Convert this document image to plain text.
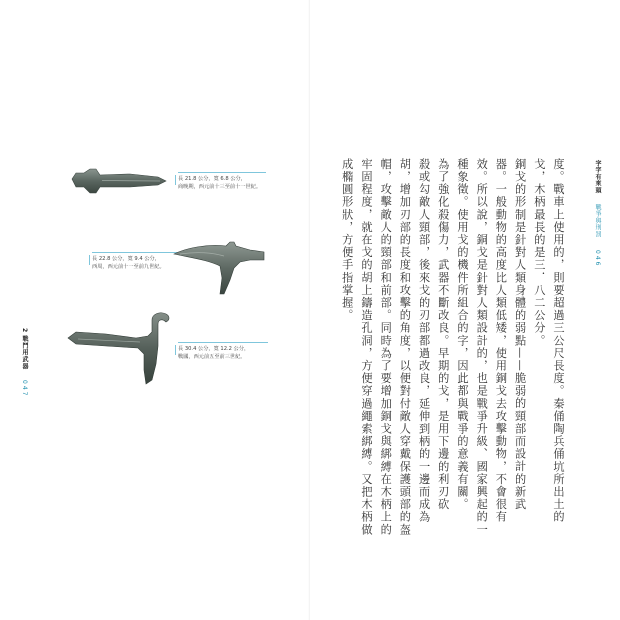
2 戰鬥用武器
047
長 21.8 公分，寬 6.8 公分，
商晚期，西元前十三至前十一世紀。
長 22.8 公分，寬 9.4 公分，
西周，西元前十一至前九世紀。
長 30.4 公分，寬 12.2 公分，
戰國，西元前五至前三世紀。
字字有來頭
戰爭與刑罰
046
度。戰車上使用的，則要超過三公尺長度。秦俑陶兵俑坑所出土的
戈，木柄最長的是三．八二公分。
銅戈的形制是針對人類身體的弱點——脆弱的頸部而設計的新武
器。一般動物的高度比人類低矮，使用銅戈去攻擊動物，不會很有
效。所以說，銅戈是針對人類設計的，也是戰爭升級、國家興起的一
種象徵。使用戈的機件所組合的字，因此都與戰爭的意義有關。
為了強化殺傷力，武器不斷改良。早期的戈，是用下邊的利刃砍
殺或勾敵人頸部，後來戈的刃部都過改良，延伸到柄的一邊而成為
胡，增加刃部的長度和攻擊的角度，以便對付敵人穿戴保護頭部的盔
帽，攻擊敵人的頸部和前部。同時為了要增加銅戈與綁縛在木柄上的
牢固程度，就在戈的胡上鑄造孔洞，方便穿過繩索綁縛。又把木柄做
成橢圓形狀，方便手指掌握。
